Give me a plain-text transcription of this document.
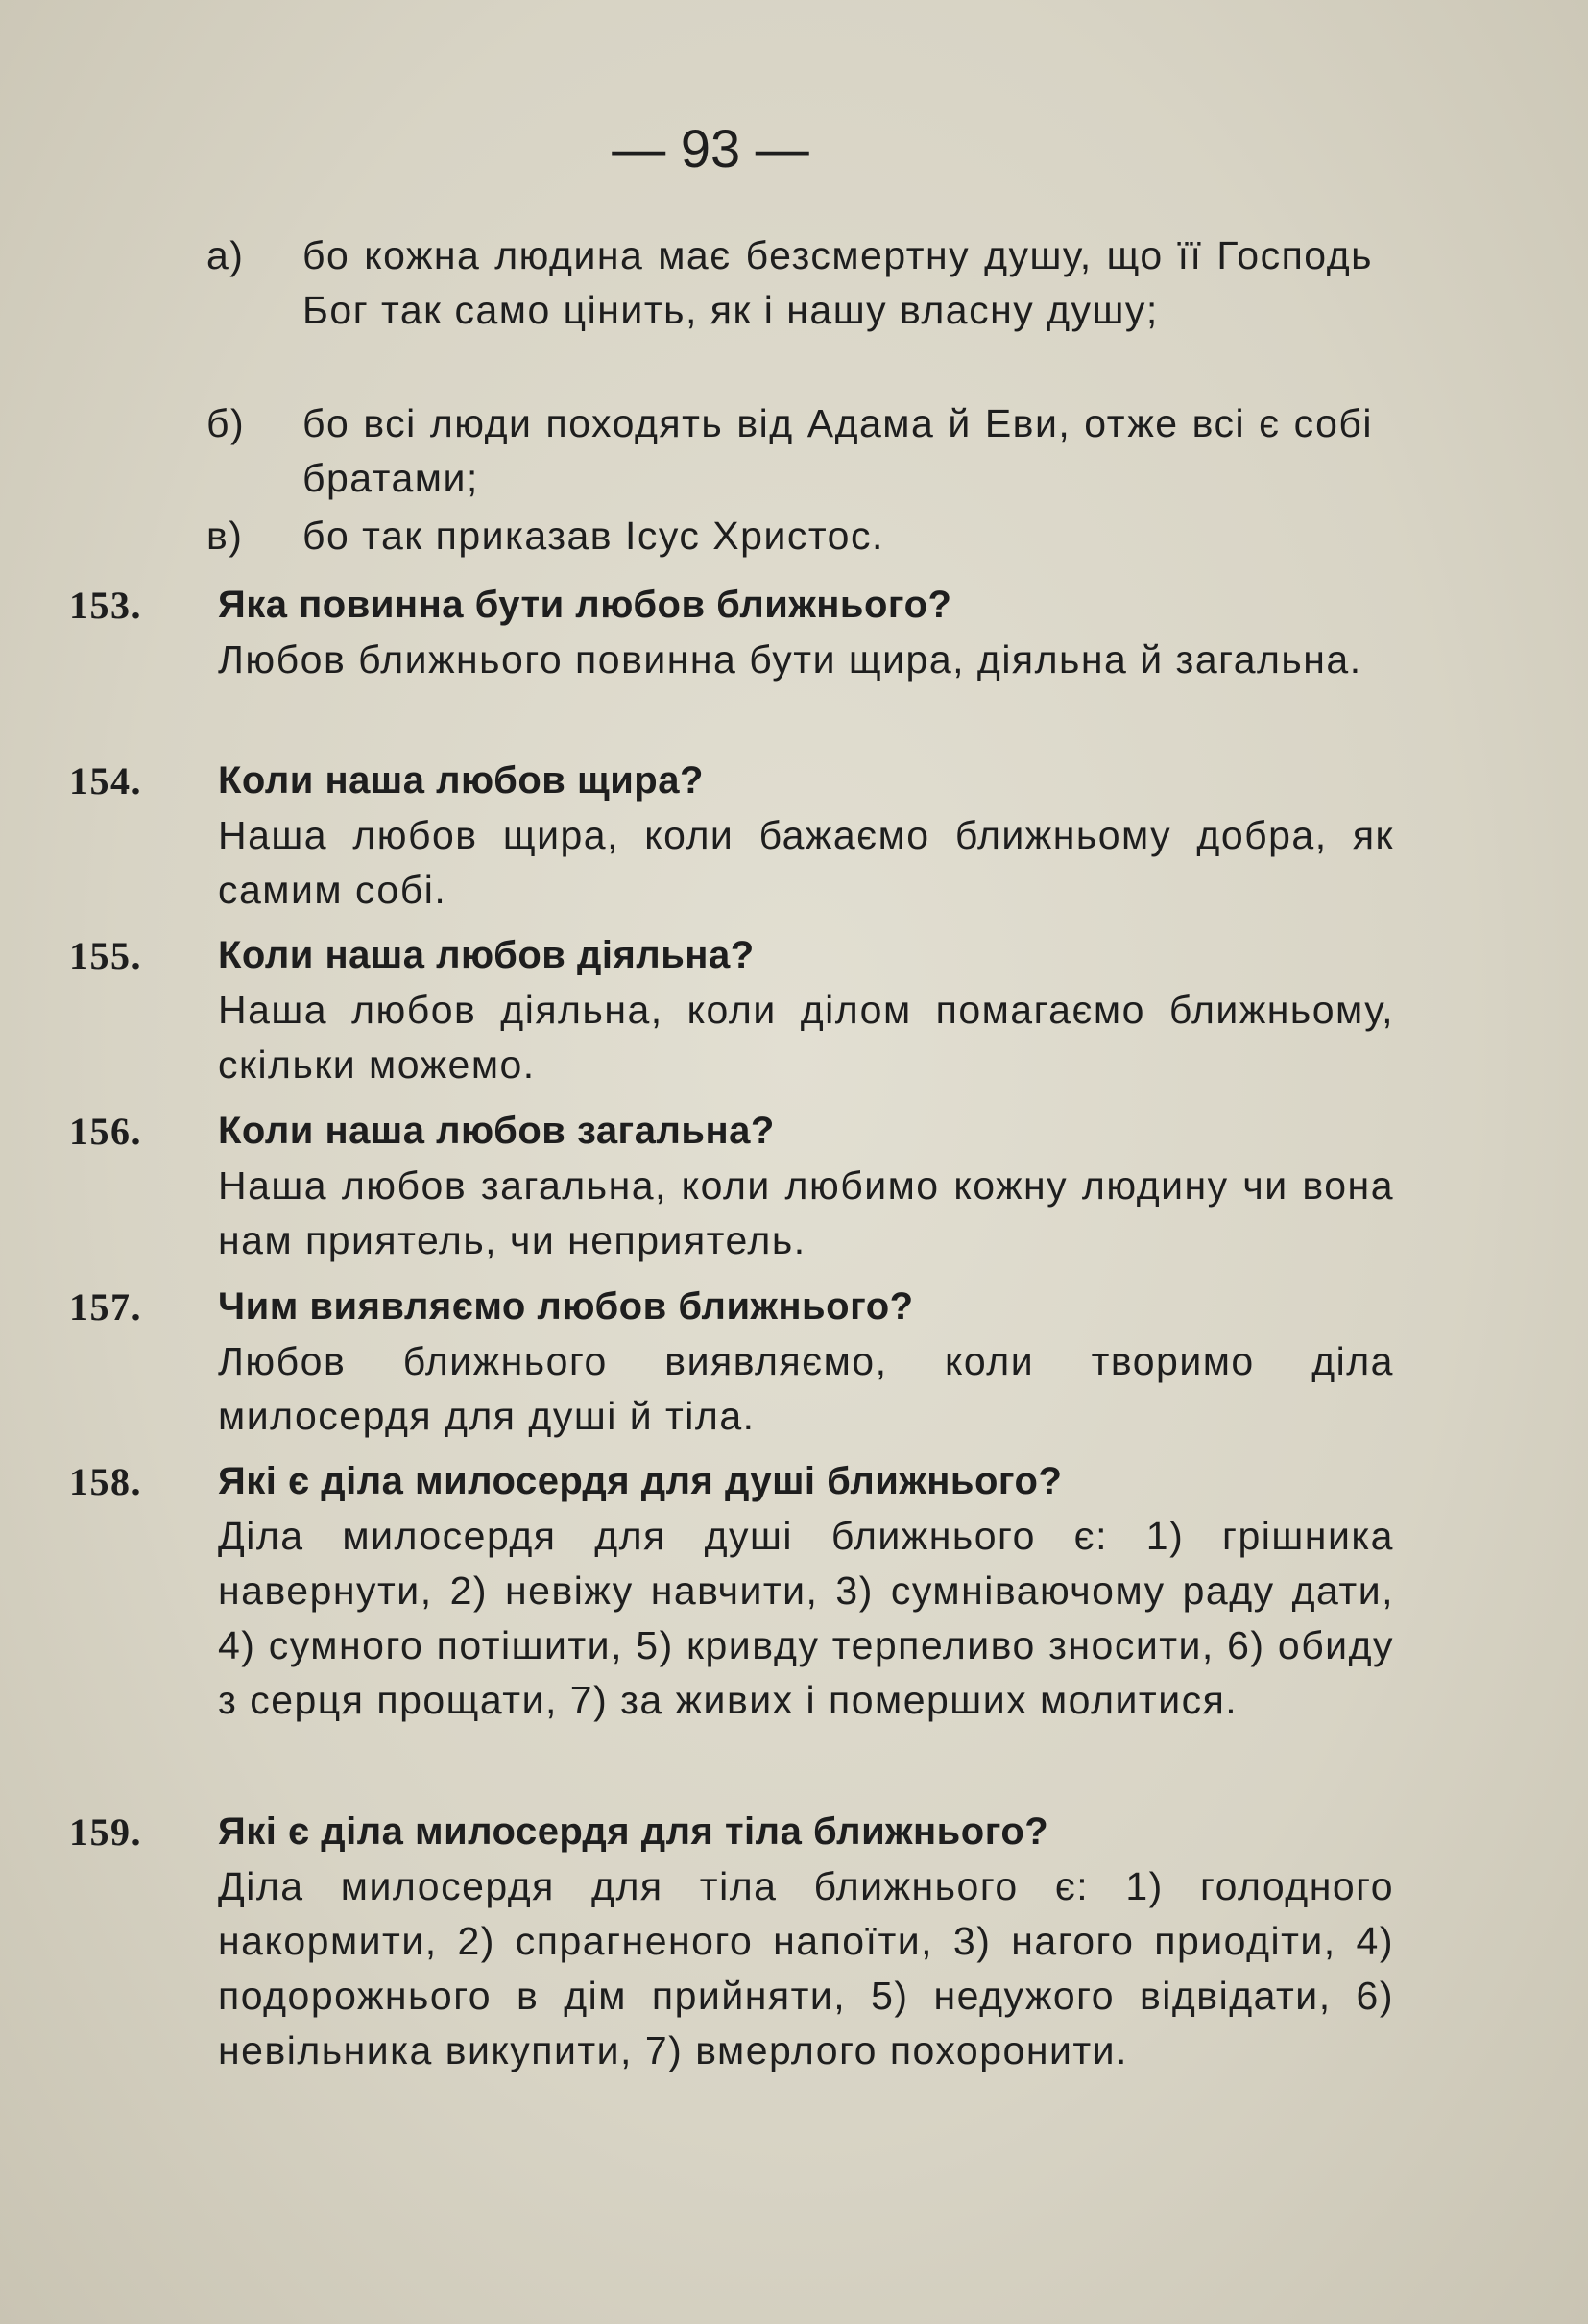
— 93 —
а)	бо кожна людина має безсмертну душу, що її Господь Бог так само цінить, як і нашу власну душу;
б)	бо всі люди походять від Адама й Еви, отже всі є собі братами;
в)	бо так приказав Ісус Христос.
153. Яка повинна бути любов ближнього?
Любов ближнього повинна бути щира, діяльна й загальна.
154. Коли наша любов щира?
Наша любов щира, коли бажаємо ближньому добра, як самим собі.
155. Коли наша любов діяльна?
Наша любов діяльна, коли ділом помагаємо ближньому, скільки можемо.
156. Коли наша любов загальна?
Наша любов загальна, коли любимо кожну людину чи вона нам приятель, чи неприятель.
157. Чим виявляємо любов ближнього?
Любов ближнього виявляємо, коли творимо діла милосердя для душі й тіла.
158. Які є діла милосердя для душі ближнього?
Діла милосердя для душі ближнього є: 1) грішника навернути, 2) невіжу навчити, 3) сумніваючому раду дати, 4) сумного потішити, 5) кривду терпеливо зносити, 6) обиду з серця прощати, 7) за живих і померших молитися.
159. Які є діла милосердя для тіла ближнього?
Діла милосердя для тіла ближнього є: 1) голодного накормити, 2) спрагненого напоїти, 3) нагого приодіти, 4) подорожнього в дім прийняти, 5) недужого відвідати, 6) невільника викупити, 7) вмерлого похоронити.
